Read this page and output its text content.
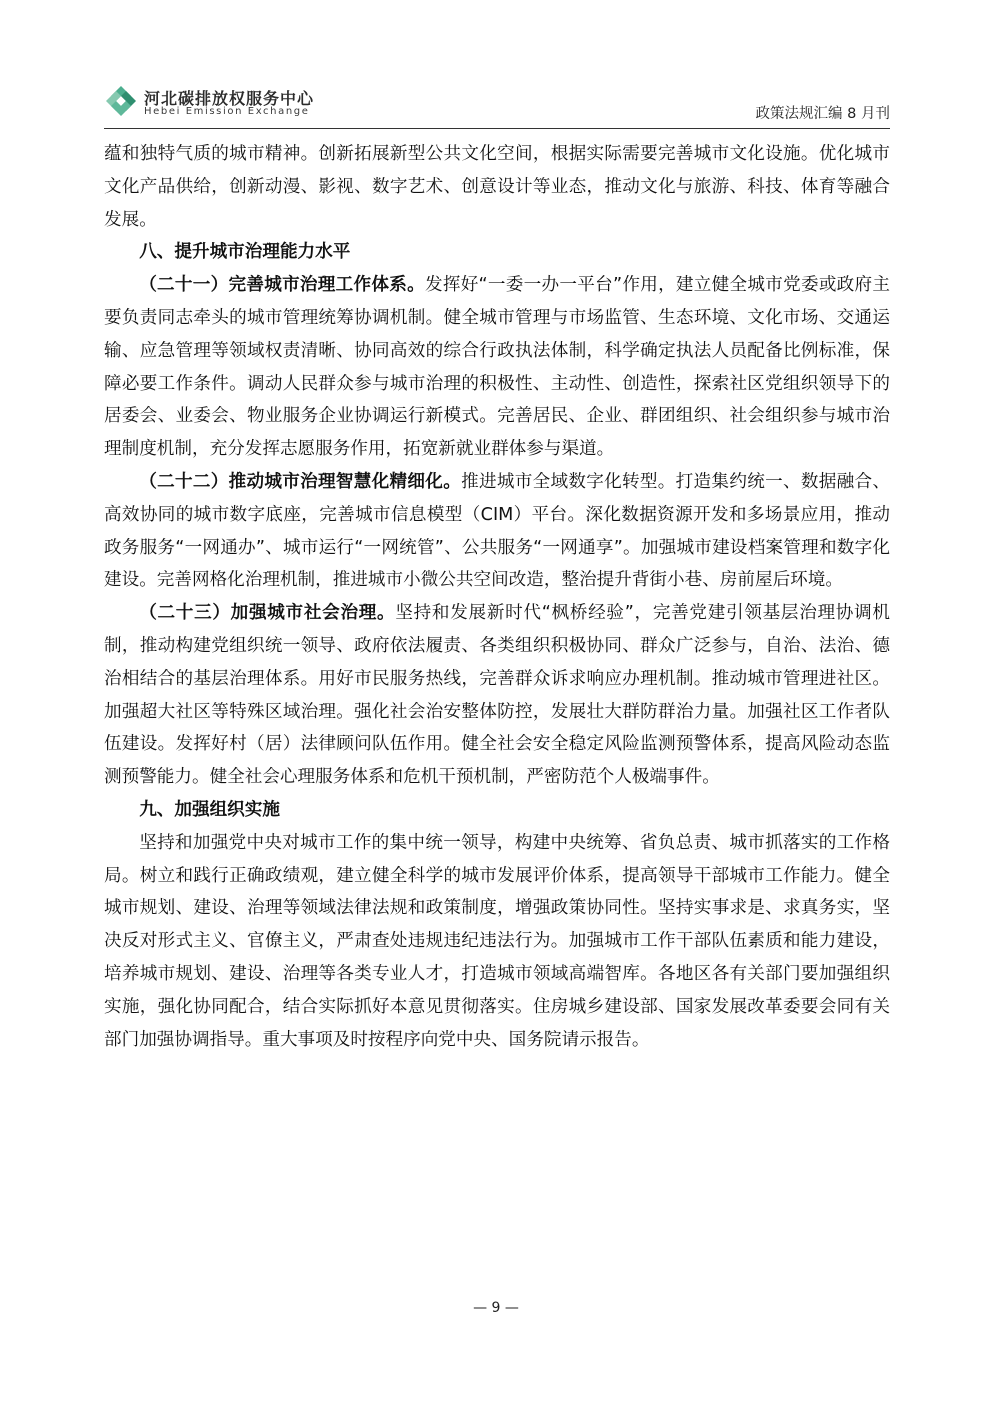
河北碳排放权服务中心
Hebei Emission Exchange	政策法规汇编 8 月刊

蕴和独特气质的城市精神。创新拓展新型公共文化空间，根据实际需要完善城市文化设施。优化城市文化产品供给，创新动漫、影视、数字艺术、创意设计等业态，推动文化与旅游、科技、体育等融合发展。

八、提升城市治理能力水平

（二十一）完善城市治理工作体系。发挥好“一委一办一平台”作用，建立健全城市党委或政府主要负责同志牵头的城市管理统筹协调机制。健全城市管理与市场监管、生态环境、文化市场、交通运输、应急管理等领域权责清晰、协同高效的综合行政执法体制，科学确定执法人员配备比例标准，保障必要工作条件。调动人民群众参与城市治理的积极性、主动性、创造性，探索社区党组织领导下的居委会、业委会、物业服务企业协调运行新模式。完善居民、企业、群团组织、社会组织参与城市治理制度机制，充分发挥志愿服务作用，拓宽新就业群体参与渠道。

（二十二）推动城市治理智慧化精细化。推进城市全域数字化转型。打造集约统一、数据融合、高效协同的城市数字底座，完善城市信息模型（CIM）平台。深化数据资源开发和多场景应用，推动政务服务“一网通办”、城市运行“一网统管”、公共服务“一网通享”。加强城市建设档案管理和数字化建设。完善网格化治理机制，推进城市小微公共空间改造，整治提升背街小巷、房前屋后环境。

（二十三）加强城市社会治理。坚持和发展新时代“枫桥经验”，完善党建引领基层治理协调机制，推动构建党组织统一领导、政府依法履责、各类组织积极协同、群众广泛参与，自治、法治、德治相结合的基层治理体系。用好市民服务热线，完善群众诉求响应办理机制。推动城市管理进社区。加强超大社区等特殊区域治理。强化社会治安整体防控，发展壮大群防群治力量。加强社区工作者队伍建设。发挥好村（居）法律顾问队伍作用。健全社会安全稳定风险监测预警体系，提高风险动态监测预警能力。健全社会心理服务体系和危机干预机制，严密防范个人极端事件。

九、加强组织实施

坚持和加强党中央对城市工作的集中统一领导，构建中央统筹、省负总责、城市抓落实的工作格局。树立和践行正确政绩观，建立健全科学的城市发展评价体系，提高领导干部城市工作能力。健全城市规划、建设、治理等领域法律法规和政策制度，增强政策协同性。坚持实事求是、求真务实，坚决反对形式主义、官僚主义，严肃查处违规违纪违法行为。加强城市工作干部队伍素质和能力建设，培养城市规划、建设、治理等各类专业人才，打造城市领域高端智库。各地区各有关部门要加强组织实施，强化协同配合，结合实际抓好本意见贯彻落实。住房城乡建设部、国家发展改革委要会同有关部门加强协调指导。重大事项及时按程序向党中央、国务院请示报告。

— 9 —
